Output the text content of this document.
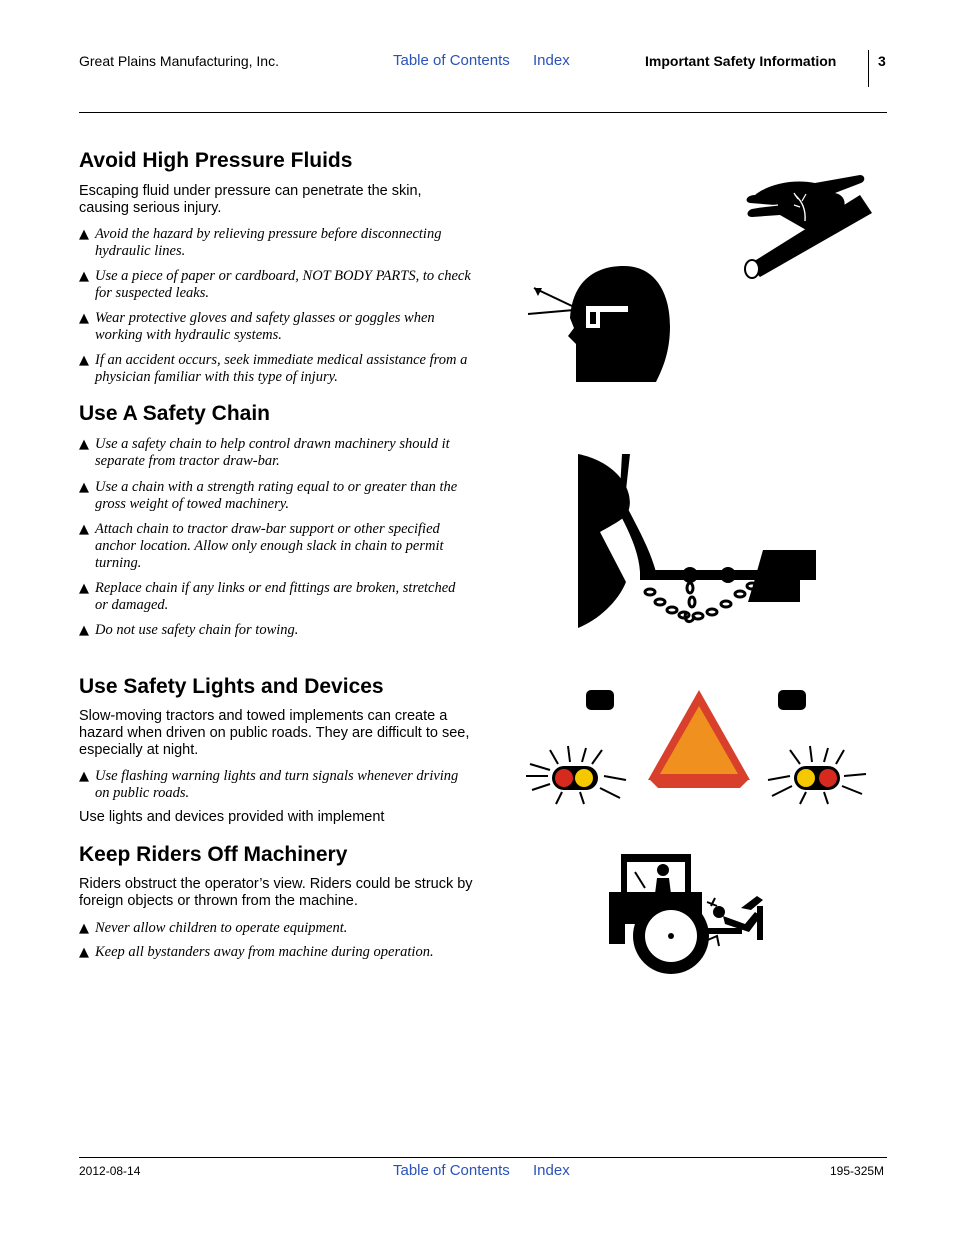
Great Plains Manufacturing, Inc.	Table of Contents Index	Important Safety Information	3
Avoid High Pressure Fluids

Escaping fluid under pressure can penetrate the skin, causing serious injury.

▲ Avoid the hazard by relieving pressure before disconnecting hydraulic lines.

▲ Use a piece of paper or cardboard, NOT BODY PARTS, to check for suspected leaks.

▲ Wear protective gloves and safety glasses or goggles when working with hydraulic systems.

▲ If an accident occurs, seek immediate medical assistance from a physician familiar with this type of injury.

Use A Safety Chain

▲ Use a safety chain to help control drawn machinery should it separate from tractor draw-bar.

▲ Use a chain with a strength rating equal to or greater than the gross weight of towed machinery.

▲ Attach chain to tractor draw-bar support or other specified anchor location. Allow only enough slack in chain to permit turning.

▲ Replace chain if any links or end fittings are broken, stretched or damaged.

▲ Do not use safety chain for towing.

Use Safety Lights and Devices

Slow-moving tractors and towed implements can create a hazard when driven on public roads. They are difficult to see, especially at night.

▲ Use flashing warning lights and turn signals whenever driving on public roads.

Use lights and devices provided with implement

Keep Riders Off Machinery

Riders obstruct the operator’s view. Riders could be struck by foreign objects or thrown from the machine.

▲ Never allow children to operate equipment.

▲ Keep all bystanders away from machine during operation.

2012-08-14	Table of Contents Index	195-325M
